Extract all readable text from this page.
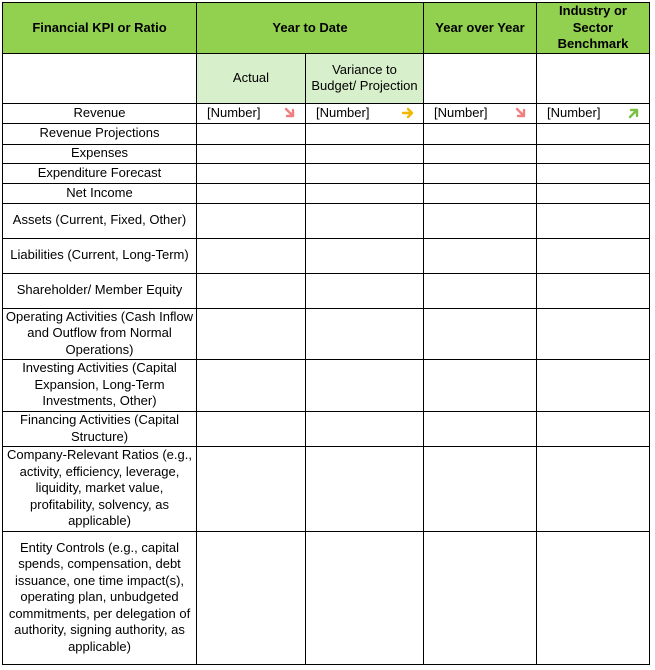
Financial KPI or Ratio	Year to Date		Year over Year	Industry or Sector Benchmark
	Actual	Variance to Budget/ Projection		
Revenue	[Number]	[Number]	[Number]	[Number]

Revenue Projections				
Expenses				
Expenditure Forecast				
Net Income				
Assets (Current, Fixed, Other)				
Liabilities (Current, Long-Term)				
Shareholder/ Member Equity				
Operating Activities (Cash Inflow and Outflow from Normal Operations)				
Investing Activities (Capital Expansion, Long-Term Investments, Other)				
Financing Activities (Capital Structure)				
Company-Relevant Ratios (e.g., activity, efficiency, leverage, liquidity, market value, profitability, solvency, as applicable)				
Entity Controls (e.g., capital spends, compensation, debt issuance, one time impact(s), operating plan, unbudgeted commitments, per delegation of authority, signing authority, as applicable)				
